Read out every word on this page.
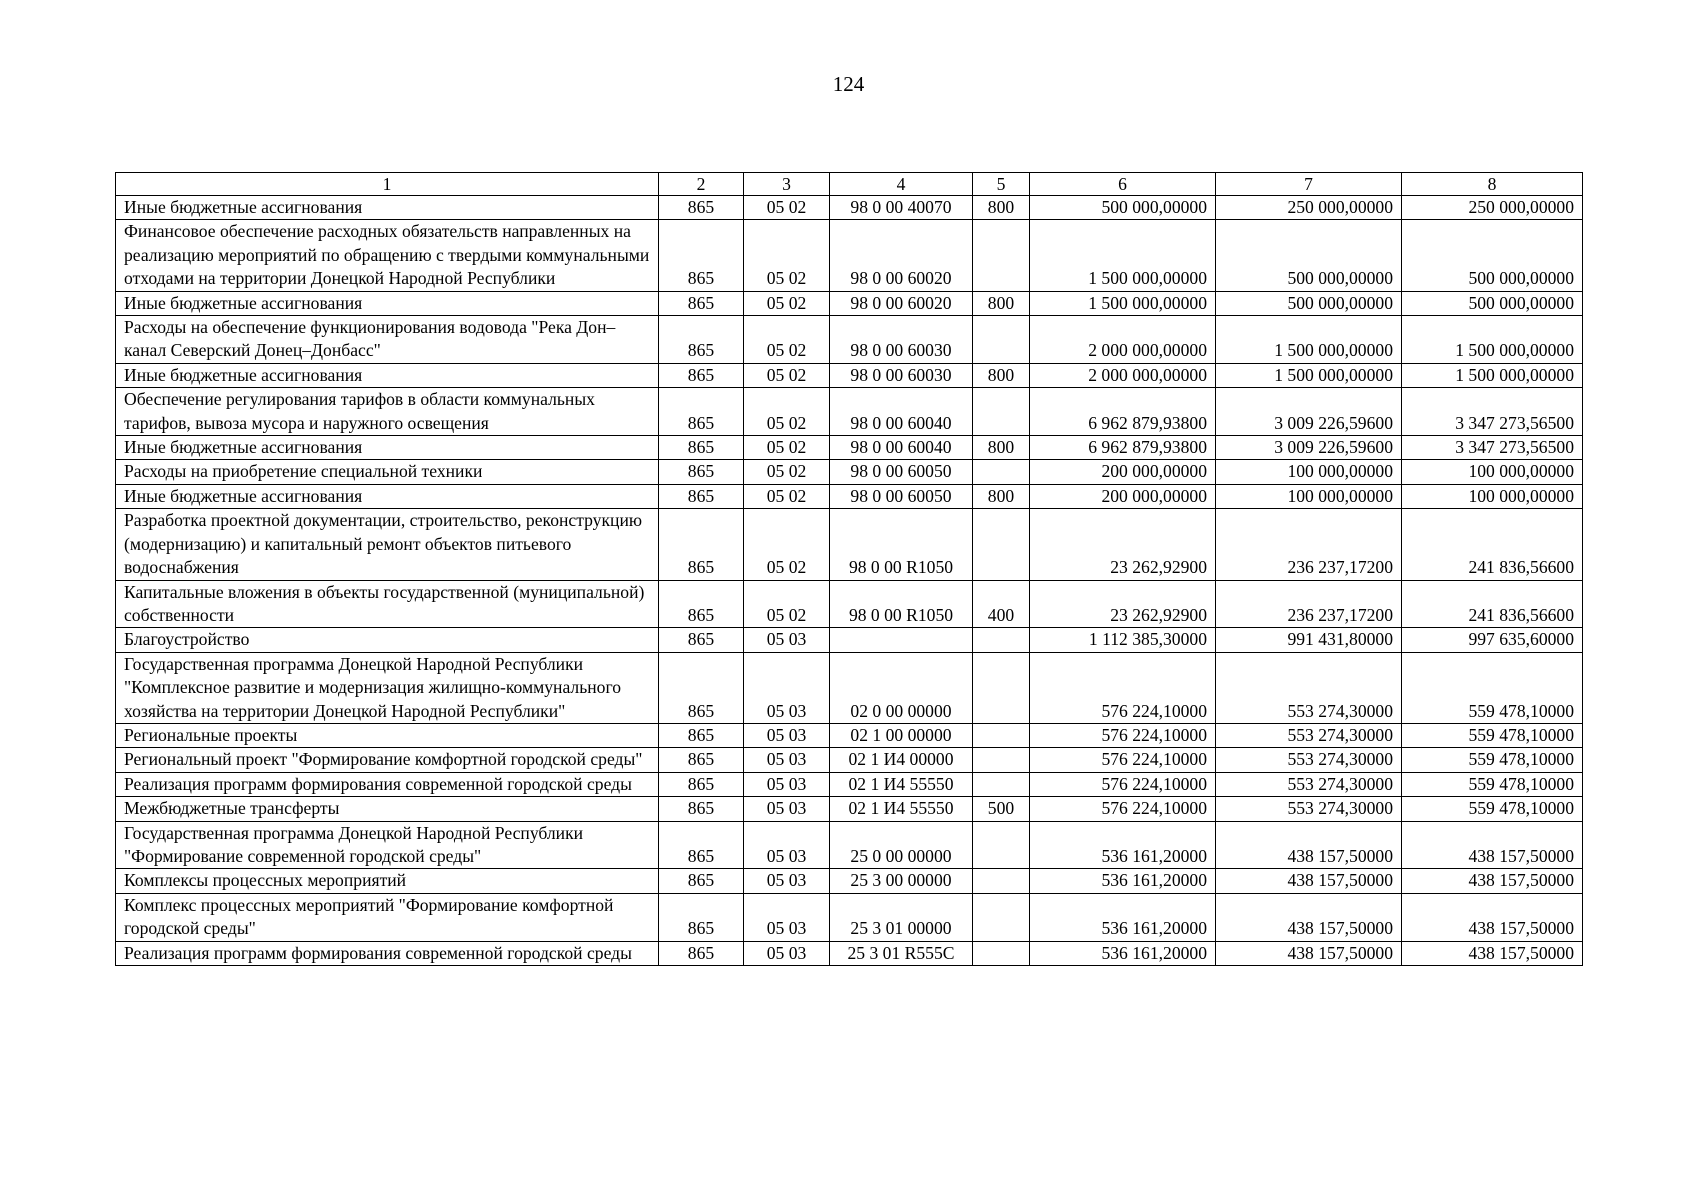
124
1	2	3	4	5	6	7	8
Иные бюджетные ассигнования	865	05 02	98 0 00 40070	800	500 000,00000	250 000,00000	250 000,00000
Финансовое обеспечение расходных обязательств направленных на реализацию мероприятий по обращению с твердыми коммунальными отходами на территории Донецкой Народной Республики	865	05 02	98 0 00 60020		1 500 000,00000	500 000,00000	500 000,00000
Иные бюджетные ассигнования	865	05 02	98 0 00 60020	800	1 500 000,00000	500 000,00000	500 000,00000
Расходы на обеспечение функционирования водовода "Река Дон–канал Северский Донец–Донбасс"	865	05 02	98 0 00 60030		2 000 000,00000	1 500 000,00000	1 500 000,00000
Иные бюджетные ассигнования	865	05 02	98 0 00 60030	800	2 000 000,00000	1 500 000,00000	1 500 000,00000
Обеспечение регулирования тарифов в области коммунальных тарифов, вывоза мусора и наружного освещения	865	05 02	98 0 00 60040		6 962 879,93800	3 009 226,59600	3 347 273,56500
Иные бюджетные ассигнования	865	05 02	98 0 00 60040	800	6 962 879,93800	3 009 226,59600	3 347 273,56500
Расходы на приобретение специальной техники	865	05 02	98 0 00 60050		200 000,00000	100 000,00000	100 000,00000
Иные бюджетные ассигнования	865	05 02	98 0 00 60050	800	200 000,00000	100 000,00000	100 000,00000
Разработка проектной документации, строительство, реконструкцию (модернизацию) и капитальный ремонт объектов питьевого водоснабжения	865	05 02	98 0 00 R1050		23 262,92900	236 237,17200	241 836,56600
Капитальные вложения в объекты государственной (муниципальной) собственности	865	05 02	98 0 00 R1050	400	23 262,92900	236 237,17200	241 836,56600
Благоустройство	865	05 03			1 112 385,30000	991 431,80000	997 635,60000
Государственная программа Донецкой Народной Республики "Комплексное развитие и модернизация жилищно-коммунального хозяйства на территории Донецкой Народной Республики"	865	05 03	02 0 00 00000		576 224,10000	553 274,30000	559 478,10000
Региональные проекты	865	05 03	02 1 00 00000		576 224,10000	553 274,30000	559 478,10000
Региональный проект "Формирование комфортной городской среды"	865	05 03	02 1 И4 00000		576 224,10000	553 274,30000	559 478,10000
Реализация программ формирования современной городской среды	865	05 03	02 1 И4 55550		576 224,10000	553 274,30000	559 478,10000
Межбюджетные трансферты	865	05 03	02 1 И4 55550	500	576 224,10000	553 274,30000	559 478,10000
Государственная программа Донецкой Народной Республики "Формирование современной городской среды"	865	05 03	25 0 00 00000		536 161,20000	438 157,50000	438 157,50000
Комплексы процессных мероприятий	865	05 03	25 3 00 00000		536 161,20000	438 157,50000	438 157,50000
Комплекс процессных мероприятий "Формирование комфортной городской среды"	865	05 03	25 3 01 00000		536 161,20000	438 157,50000	438 157,50000
Реализация программ формирования современной городской среды	865	05 03	25 3 01 R555C		536 161,20000	438 157,50000	438 157,50000
